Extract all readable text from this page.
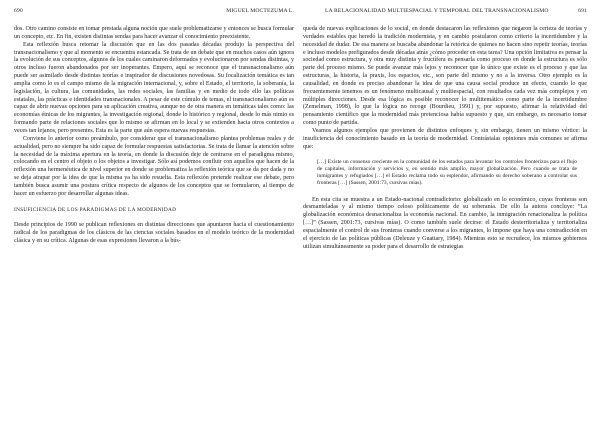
690	MIGUEL MOCTEZUMA L.

dos. Otro camino consiste en tomar prestada alguna noción que suele problematizarse y entonces se busca formular un concepto, etc. En fin, existen distintas sendas para hacer avanzar el conocimiento preexistente.

Esta reflexión busca retomar la discusión que en las dos pasadas décadas produjo la perspectiva del transnacionalismo y que al momento se encuentra estancada. Se trata de un debate que en muchos casos aún ignora la evolución de sus conceptos, algunos de los cuales caminaron deformados y evolucionaron por sendas distintas, y otros incluso fueron abandonados por ser inoperantes. Empero, aquí se reconoce que el transnacionalismo aún puede ser asimilado desde distintas teorías e inspirador de discusiones novedosas. Su focalización temática es tan amplia como lo es el campo mismo de la migración internacional, y, sobre el Estado, el territorio, la soberanía, la legislación, la cultura, las comunidades, las redes sociales, las familias y en medio de todo ello las políticas estatales, las prácticas e identidades transnacionales. A pesar de este cúmulo de temas, el transnacionalismo aún es capaz de abrir nuevas opciones para su aplicación creativa, aunque no de otra manera en temáticas tales como: las economías étnicas de los migrantes, la investigación regional, donde lo histórico y regional, desde lo más nimio es formando parte de relaciones sociales que lo mismo se afirman en lo local y se extienden hacia otros contextos a veces tan lejanos, pero presentes. Esta es la parte que aún espera nuevas respuestas.

Conviene lo anterior como preámbulo, por considerar que el transnacionalismo plantea problemas reales y de actualidad, pero no siempre ha sido capaz de formular respuestas satisfactorias. Se trata de llamar la atención sobre la necesidad de la máxima apertura en la teoría, en donde la discusión deje de centrarse en el paradigma mismo, colocando en el centro el objeto o los objetos a investigar. Sólo así podemos confluir con aquellos que hacen de la reflexión una hermenéutica de nivel superior en donde se problematiza la reflexión teórica que se da por dada y no se deja atrapar por la idea de que la misma ya ha sido resuelta. Esta reflexión pretende realizar ese debate, pero también busca asumir una postura crítica respecto de algunos de los conceptos que se formularon, al tiempo de hacer un esfuerzo por desarrollar algunas ideas.

INSUFICIENCIA DE LOS PARADIGMAS DE LA MODERNIDAD

Desde principios de 1990 se publican reflexiones en distintas direcciones que apuntaron hacia el cuestionamiento radical de los paradigmas de los clásicos de las ciencias sociales basados en el modelo teórico de la modernidad clásica y en su crítica. Algunas de esas expresiones llevaron a la bús-

LA RELACIONALIDAD MULTIESPACIAL Y TEMPORAL DEL TRANSNACIONALISMO	691

queda de nuevas explicaciones de lo social, en donde destacaron las reflexiones que negaron la certeza de teorías y verdades estables que heredó la tradición modernista, y en cambio postularon como criterio la incertidumbre y la necesidad de dudar. De esa manera se buscaba abandonar la retórica de quienes no hacen sino repetir teorías, teorías e incluso modelos prefigurados desde décadas atrás ¿cómo proceder en esta tarea? Una opción limitativa es pensar la sociedad como estructura, y otra muy distinta y fructífera es pensarla como proceso en donde la estructura es sólo parte del proceso mismo. Se puede avanzar más lejos y reconocer que lo único que existe es el proceso y que las estructuras, la historia, la praxis, los espacios, etc., son parte del mismo y no a la inversa. Otro ejemplo es la causalidad, en donde es preciso abandonar la idea de que una causa social produce un efecto, cuando lo que frecuentemente tenemos es un fenómeno multicausal y multiespacial, con resultados cada vez más complejos y en múltiples direcciones. Desde esa lógica es posible reconocer lo multitemático como parte de la incertidumbre (Zemelman, 1998), lo que la lógica no recoge (Bourdieu, 1991) y, por supuesto, afirmar la relatividad del pensamiento científico que la modernidad más pretenciosa había supuesto y que, sin embargo, es necesario tomar como punto de partida.

Veamos algunos ejemplos que provienen de distintos enfoques y, sin embargo, tienen un mismo vértice: la insuficiencia del conocimiento basado en la teoría de modernidad. Contrástalas opiniones más comunes se afirma que:

[…] Existe un consenso creciente en la comunidad de los estados para levantar los controles fronterizos para el flujo de capitales, información y servicios y, en sentido más amplio, mayor globalización. Pero cuando se trata de inmigrantes y refugiados […] el Estado reclama todo su esplendor, afirmando su derecho soberano a controlar sus fronteras […] (Sassen, 2001:73, cursivas mías).

En esta cita se muestra a un Estado-nacional contradictorio: globalizado en lo económico, cuyas fronteras son desmanteladas y al mismo tiempo celoso políticamente de su soberanía. De ello la autora concluye: “La globalización económica desnacionaliza la economía nacional. En cambio, la inmigración renacionaliza la política […]” (Sassen, 2001:73, cursivas mías). O como también suele decirse: el Estado desterritorializa y territorializa espacialmente el control de sus fronteras cuando converse a los migrantes, lo impone que haya una contradicción en el ejercicio de las políticas públicas (Deleuze y Guattary, 1984). Mientras esto se recrudece, los mismos gobiernos utilizan simultáneamente su poder para el desarrollo de estrategias
